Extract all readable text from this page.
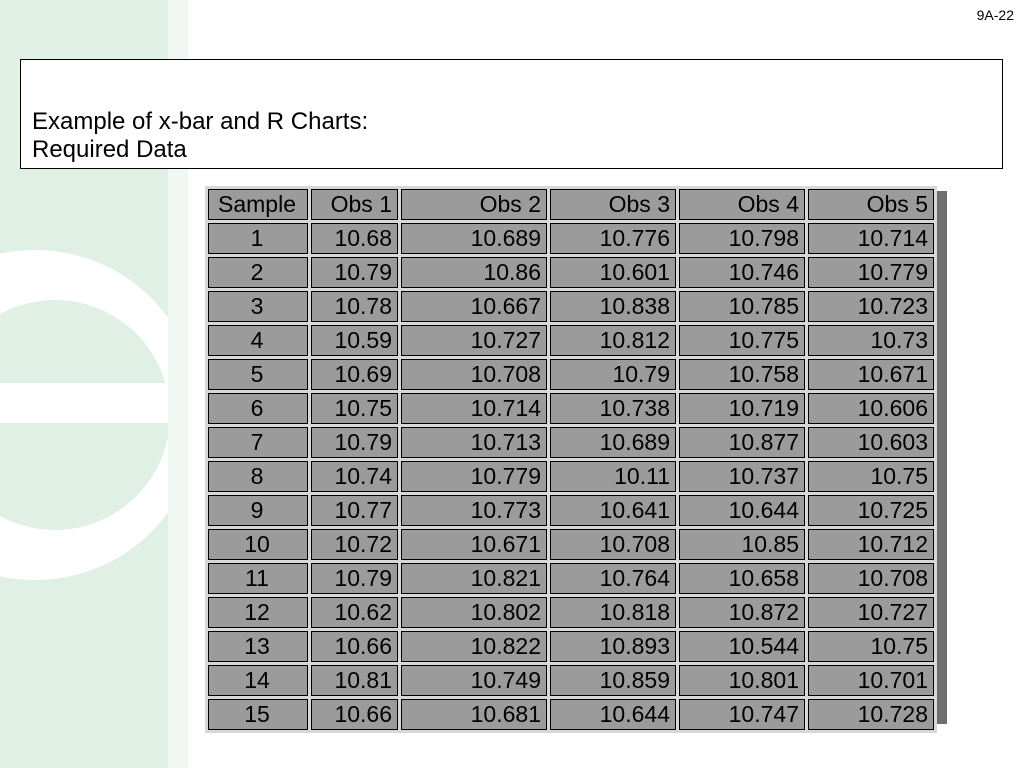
9A-22
Example of x-bar and R Charts:
Required Data
Sample	Obs 1	Obs 2	Obs 3	Obs 4	Obs 5
1	10.68	10.689	10.776	10.798	10.714
2	10.79	10.86	10.601	10.746	10.779
3	10.78	10.667	10.838	10.785	10.723
4	10.59	10.727	10.812	10.775	10.73
5	10.69	10.708	10.79	10.758	10.671
6	10.75	10.714	10.738	10.719	10.606
7	10.79	10.713	10.689	10.877	10.603
8	10.74	10.779	10.11	10.737	10.75
9	10.77	10.773	10.641	10.644	10.725
10	10.72	10.671	10.708	10.85	10.712
11	10.79	10.821	10.764	10.658	10.708
12	10.62	10.802	10.818	10.872	10.727
13	10.66	10.822	10.893	10.544	10.75
14	10.81	10.749	10.859	10.801	10.701
15	10.66	10.681	10.644	10.747	10.728
